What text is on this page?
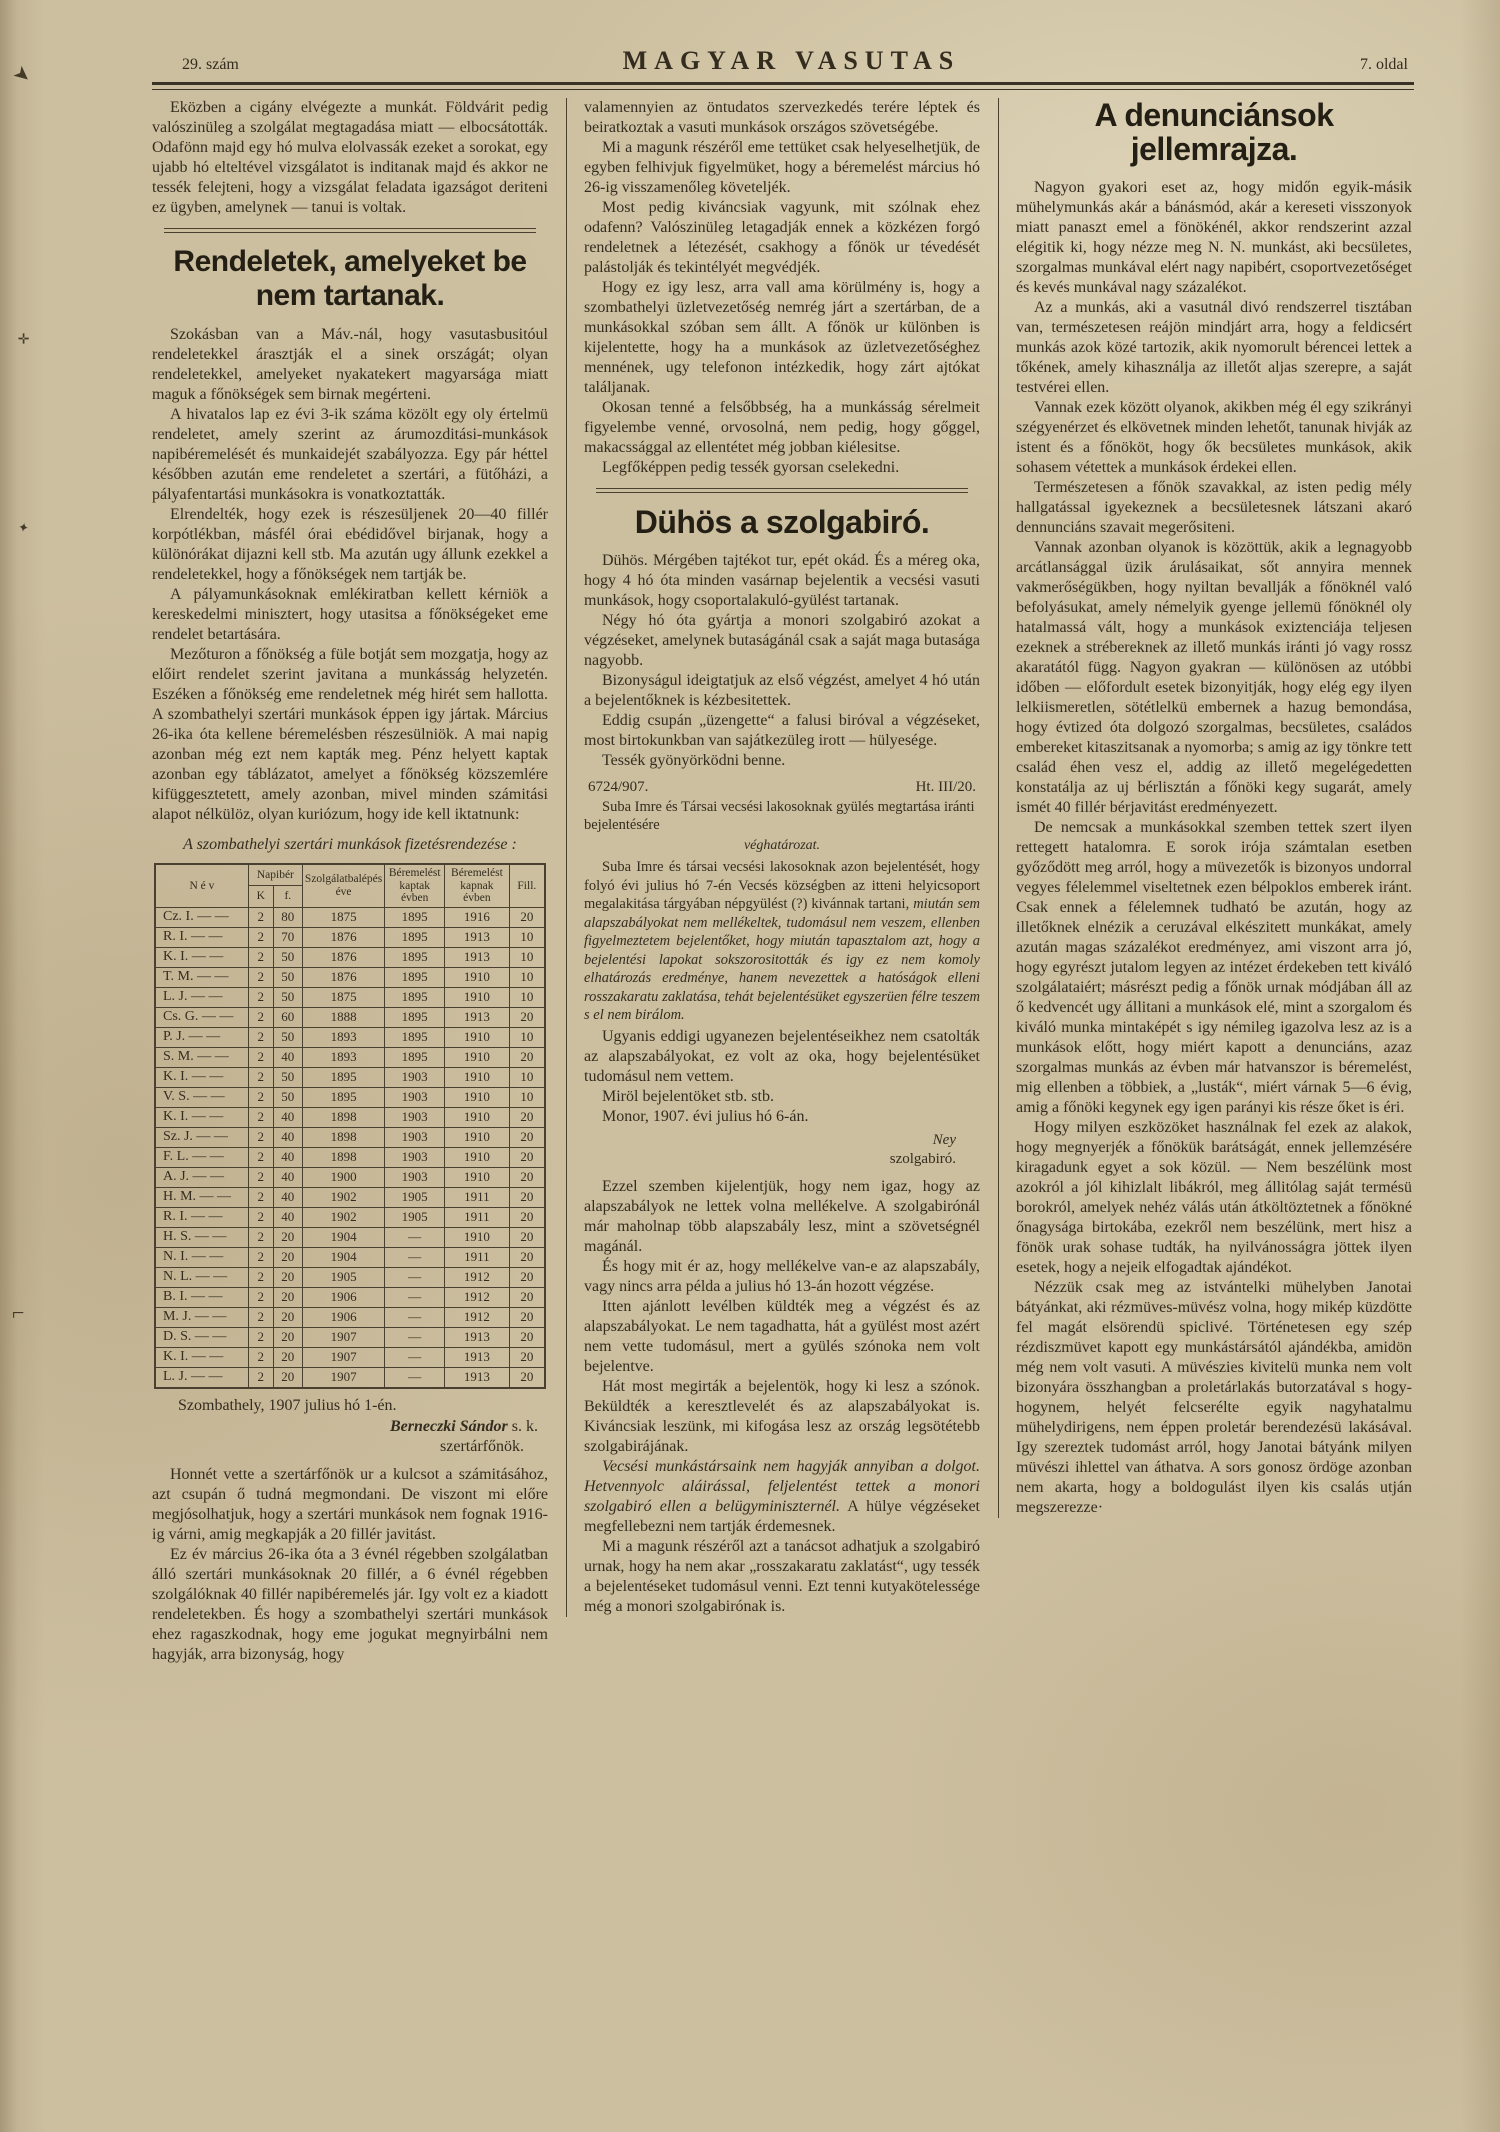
➤
✛
✦
⌐
29. szám	MAGYAR VASUTAS	7. oldal

Eközben a cigány elvégezte a munkát. Földvárit pedig valószinüleg a szolgálat megtagadása miatt — elbocsátották. Odafönn majd egy hó mulva elolvassák ezeket a sorokat, egy ujabb hó elteltével vizsgálatot is inditanak majd és akkor ne tessék felejteni, hogy a vizsgálat feladata igazságot deriteni ez ügyben, amelynek — tanui is voltak.

Rendeletek, amelyeket be nem tartanak.

Szokásban van a Máv.-nál, hogy vasutasbusitóul rendeletekkel árasztják el a sinek országát; olyan rendeletekkel, amelyeket nyakatekert magyarsága miatt maguk a főnökségek sem birnak megérteni.

A hivatalos lap ez évi 3-ik száma közölt egy oly értelmü rendeletet, amely szerint az árumozditási-munkások napibéremelését és munkaidejét szabályozza. Egy pár héttel későbben azután eme rendeletet a szertári, a fütőházi, a pályafentartási munkásokra is vonatkoztatták.

Elrendelték, hogy ezek is részesüljenek 20—40 fillér korpótlékban, másfél órai ebédidővel birjanak, hogy a különórákat dijazni kell stb. Ma azután ugy állunk ezekkel a rendeletekkel, hogy a főnökségek nem tartják be.

A pályamunkásoknak emlékiratban kellett kérniök a kereskedelmi minisztert, hogy utasitsa a főnökségeket eme rendelet betartására.

Mezőturon a főnökség a füle botját sem mozgatja, hogy az előirt rendelet szerint javitana a munkásság helyzetén. Eszéken a főnökség eme rendeletnek még hirét sem hallotta. A szombathelyi szertári munkások éppen igy jártak. Március 26-ika óta kellene béremelésben részesülniök. A mai napig azonban még ezt nem kapták meg. Pénz helyett kaptak azonban egy táblázatot, amelyet a főnökség közszemlére kifüggesztetett, amely azonban, mivel minden számitási alapot nélkülöz, olyan kuriózum, hogy ide kell iktatnunk:

A szombathelyi szertári munkások fizetésrendezése :
N é v	Napibér		Szolgálatbalépés éve	Béremelést kaptak évben	Béremelést kapnak évben	Fill.
	K	f.				
Cz. I. — —	2	80	1875	1895	1916	20
R. I. — —	2	70	1876	1895	1913	10
K. I. — —	2	50	1876	1895	1913	10
T. M. — —	2	50	1876	1895	1910	10
L. J. — —	2	50	1875	1895	1910	10
Cs. G. — —	2	60	1888	1895	1913	20
P. J. — —	2	50	1893	1895	1910	10
S. M. — —	2	40	1893	1895	1910	20
K. I. — —	2	50	1895	1903	1910	10
V. S. — —	2	50	1895	1903	1910	10
K. I. — —	2	40	1898	1903	1910	20
Sz. J. — —	2	40	1898	1903	1910	20
F. L. — —	2	40	1898	1903	1910	20
A. J. — —	2	40	1900	1903	1910	20
H. M. — —	2	40	1902	1905	1911	20
R. I. — —	2	40	1902	1905	1911	20
H. S. — —	2	20	1904	—	1910	20
N. I. — —	2	20	1904	—	1911	20
N. L. — —	2	20	1905	—	1912	20
B. I. — —	2	20	1906	—	1912	20
M. J. — —	2	20	1906	—	1912	20
D. S. — —	2	20	1907	—	1913	20
K. I. — —	2	20	1907	—	1913	20
L. J. — —	2	20	1907	—	1913	20

Szombathely, 1907 julius hó 1-én.

Berneczki Sándor s. k.
szertárfőnök.

Honnét vette a szertárfőnök ur a kulcsot a számitásához, azt csupán ő tudná megmondani. De viszont mi előre megjósolhatjuk, hogy a szertári munkások nem fognak 1916-ig várni, amig megkapják a 20 fillér javitást.

Ez év március 26-ika óta a 3 évnél régebben szolgálatban álló szertári munkásoknak 20 fillér, a 6 évnél régebben szolgálóknak 40 fillér napibéremelés jár. Igy volt ez a kiadott rendeletekben. És hogy a szombathelyi szertári munkások ehez ragaszkodnak, hogy eme jogukat megnyirbálni nem hagyják, arra bizonyság, hogy

valamennyien az öntudatos szervezkedés terére léptek és beiratkoztak a vasuti munkások országos szövetségébe.

Mi a magunk részéről eme tettüket csak helyeselhetjük, de egyben felhivjuk figyelmüket, hogy a béremelést március hó 26-ig visszamenőleg követeljék.

Most pedig kiváncsiak vagyunk, mit szólnak ehez odafenn? Valószinüleg letagadják ennek a közkézen forgó rendeletnek a létezését, csakhogy a főnök ur tévedését palástolják és tekintélyét megvédjék.

Hogy ez igy lesz, arra vall ama körülmény is, hogy a szombathelyi üzletvezetőség nemrég járt a szertárban, de a munkásokkal szóban sem állt. A főnök ur különben is kijelentette, hogy ha a munkások az üzletvezetőséghez mennének, ugy telefonon intézkedik, hogy zárt ajtókat találjanak.

Okosan tenné a felsőbbség, ha a munkásság sérelmeit figyelembe venné, orvosolná, nem pedig, hogy gőggel, makacssággal az ellentétet még jobban kiélesitse.

Legfőképpen pedig tessék gyorsan cselekedni.

Dühös a szolgabiró.

Dühös. Mérgében tajtékot tur, epét okád. És a méreg oka, hogy 4 hó óta minden vasárnap bejelentik a vecsési vasuti munkások, hogy csoportalakuló-gyülést tartanak.

Négy hó óta gyártja a monori szolgabiró azokat a végzéseket, amelynek butaságánál csak a saját maga butasága nagyobb.

Bizonyságul ideigtatjuk az első végzést, amelyet 4 hó után a bejelentőknek is kézbesitettek.

Eddig csupán „üzengette“ a falusi biróval a végzéseket, most birtokunkban van sajátkezüleg irott — hülyesége.

Tessék gyönyörködni benne.

6724/907.	Ht. III/20.

Suba Imre és Társai vecsési lakosoknak gyülés megtartása iránti bejelentésére

véghatározat.

Suba Imre és társai vecsési lakosoknak azon bejelentését, hogy folyó évi julius hó 7-én Vecsés községben az itteni helyicsoport megalakitása tárgyában népgyülést (?) kivánnak tartani, miután sem alapszabályokat nem mellékeltek, tudomásul nem veszem, ellenben figyelmeztetem bejelentőket, hogy miután tapasztalom azt, hogy a bejelentési lapokat sokszorositották és igy ez nem komoly elhatározás eredménye, hanem nevezettek a hatóságok elleni rosszakaratu zaklatása, tehát bejelentésüket egyszerüen félre teszem s el nem birálom.

Ugyanis eddigi ugyanezen bejelentéseikhez nem csatolták az alapszabályokat, ez volt az oka, hogy bejelentésüket tudomásul nem vettem.

Miröl bejelentöket stb. stb.

Monor, 1907. évi julius hó 6-án.

Ney
szolgabiró.

Ezzel szemben kijelentjük, hogy nem igaz, hogy az alapszabályok ne lettek volna mellékelve. A szolgabirónál már maholnap több alapszabály lesz, mint a szövetségnél magánál.

És hogy mit ér az, hogy mellékelve van-e az alapszabály, vagy nincs arra példa a julius hó 13-án hozott végzése.

Itten ajánlott levélben küldték meg a végzést és az alapszabályokat. Le nem tagadhatta, hát a gyülést most azért nem vette tudomásul, mert a gyülés szónoka nem volt bejelentve.

Hát most megirták a bejelentök, hogy ki lesz a szónok. Beküldték a keresztlevelét és az alapszabályokat is. Kiváncsiak leszünk, mi kifogása lesz az ország legsötétebb szolgabirájának.

Vecsési munkástársaink nem hagyják annyiban a dolgot. Hetvennyolc aláirással, feljelentést tettek a monori szolgabiró ellen a belügyminiszternél. A hülye végzéseket megfellebezni nem tartják érdemesnek.

Mi a magunk részéről azt a tanácsot adhatjuk a szolgabiró urnak, hogy ha nem akar „rosszakaratu zaklatást“, ugy tessék a bejelentéseket tudomásul venni. Ezt tenni kutyakötelessége még a monori szolgabirónak is.

A denunciánsok jellemrajza.

Nagyon gyakori eset az, hogy midőn egyik-másik mühelymunkás akár a bánásmód, akár a kereseti visszonyok miatt panaszt emel a fönökénél, akkor rendszerint azzal elégitik ki, hogy nézze meg N. N. munkást, aki becsületes, szorgalmas munkával elért nagy napibért, csoportvezetőséget és kevés munkával nagy százalékot.

Az a munkás, aki a vasutnál divó rendszerrel tisztában van, természetesen reájön mindjárt arra, hogy a feldicsért munkás azok közé tartozik, akik nyomorult bérencei lettek a tőkének, amely kihasználja az illetőt aljas szerepre, a saját testvérei ellen.

Vannak ezek között olyanok, akikben még él egy szikrányi szégyenérzet és elkövetnek minden lehetőt, tanunak hivják az istent és a főnököt, hogy ők becsületes munkások, akik sohasem vétettek a munkások érdekei ellen.

Természetesen a főnök szavakkal, az isten pedig mély hallgatással igyekeznek a becsületesnek látszani akaró dennunciáns szavait megerősiteni.

Vannak azonban olyanok is közöttük, akik a legnagyobb arcátlansággal üzik árulásaikat, sőt annyira mennek vakmerőségükben, hogy nyiltan bevallják a főnöknél való befolyásukat, amely némelyik gyenge jellemü főnöknél oly hatalmassá vált, hogy a munkások exiztenciája teljesen ezeknek a strébereknek az illető munkás iránti jó vagy rossz akaratától függ. Nagyon gyakran — különösen az utóbbi időben — előfordult esetek bizonyitják, hogy elég egy ilyen lelkiismeretlen, sötétlelkü embernek a hazug bemondása, hogy évtized óta dolgozó szorgalmas, becsületes, családos embereket kitaszitsanak a nyomorba; s amig az igy tönkre tett család éhen vesz el, addig az illető megelégedetten konstatálja az uj bérlisztán a főnöki kegy sugarát, amely ismét 40 fillér bérjavitást eredményezett.

De nemcsak a munkásokkal szemben tettek szert ilyen rettegett hatalomra. E sorok irója számtalan esetben győződött meg arról, hogy a müvezetők is bizonyos undorral vegyes félelemmel viseltetnek ezen bélpoklos emberek iránt. Csak ennek a félelemnek tudható be azután, hogy az illetőknek elnézik a ceruzával elkészitett munkákat, amely azután magas százalékot eredményez, ami viszont arra jó, hogy egyrészt jutalom legyen az intézet érdekeben tett kiváló szolgálataiért; másrészt pedig a főnök urnak módjában áll az ő kedvencét ugy állitani a munkások elé, mint a szorgalom és kiváló munka mintaképét s igy némileg igazolva lesz az is a munkások előtt, hogy miért kapott a denunciáns, azaz szorgalmas munkás az évben már hatvanszor is béremelést, mig ellenben a többiek, a „lusták“, miért várnak 5—6 évig, amig a főnöki kegynek egy igen parányi kis része őket is éri.

Hogy milyen eszközöket használnak fel ezek az alakok, hogy megnyerjék a főnökük barátságát, ennek jellemzésére kiragadunk egyet a sok közül. — Nem beszélünk most azokról a jól kihizlalt libákról, meg állitólag saját termésü borokról, amelyek nehéz válás után átköltöztetnek a főnökné őnagysága birtokába, ezekről nem beszélünk, mert hisz a fönök urak sohase tudták, ha nyilvánosságra jöttek ilyen esetek, hogy a nejeik elfogadtak ajándékot.

Nézzük csak meg az istvántelki mühelyben Janotai bátyánkat, aki rézmüves-müvész volna, hogy mikép küzdötte fel magát elsörendü spiclivé. Történetesen egy szép rézdiszmüvet kapott egy munkástársától ajándékba, amidön még nem volt vasuti. A müvészies kivitelü munka nem volt bizonyára összhangban a proletárlakás butorzatával s hogy-hogynem, helyét felcserélte egyik nagyhatalmu mühelydirigens, nem éppen proletár berendezésü lakásával. Igy szereztek tudomást arról, hogy Janotai bátyánk milyen müvészi ihlettel van áthatva. A sors gonosz ördöge azonban nem akarta, hogy a boldogulást ilyen kis csalás utján megszerezze·
